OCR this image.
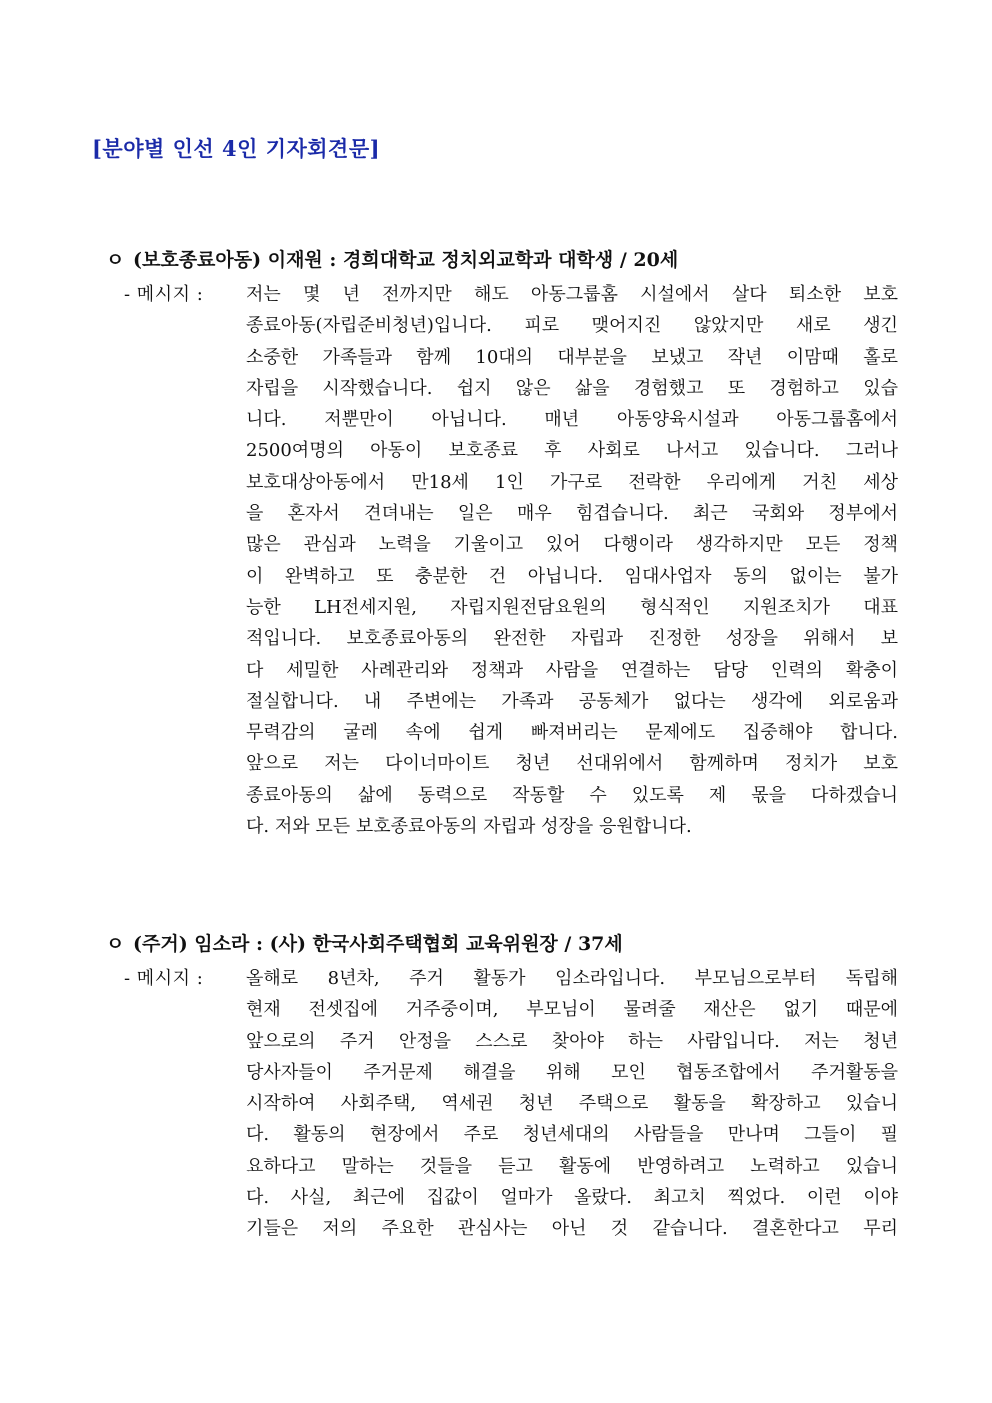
[분야별 인선 4인 기자회견문]
ㅇ (보호종료아동) 이재원 : 경희대학교 정치외교학과 대학생 / 20세
- 메시지 :	저는 몇 년 전까지만 해도 아동그룹홈 시설에서 살다 퇴소한 보호
종료아동(자립준비청년)입니다. 피로 맺어지진 않았지만 새로 생긴
소중한 가족들과 함께 10대의 대부분을 보냈고 작년 이맘때 홀로
자립을 시작했습니다. 쉽지 않은 삶을 경험했고 또 경험하고 있습
니다. 저뿐만이 아닙니다. 매년 아동양육시설과 아동그룹홈에서
2500여명의 아동이 보호종료 후 사회로 나서고 있습니다. 그러나
보호대상아동에서 만18세 1인 가구로 전락한 우리에게 거친 세상
을 혼자서 견뎌내는 일은 매우 힘겹습니다. 최근 국회와 정부에서
많은 관심과 노력을 기울이고 있어 다행이라 생각하지만 모든 정책
이 완벽하고 또 충분한 건 아닙니다. 임대사업자 동의 없이는 불가
능한 LH전세지원, 자립지원전담요원의 형식적인 지원조치가 대표
적입니다. 보호종료아동의 완전한 자립과 진정한 성장을 위해서 보
다 세밀한 사례관리와 정책과 사람을 연결하는 담당 인력의 확충이
절실합니다. 내 주변에는 가족과 공동체가 없다는 생각에 외로움과
무력감의 굴레 속에 쉽게 빠져버리는 문제에도 집중해야 합니다.
앞으로 저는 다이너마이트 청년 선대위에서 함께하며 정치가 보호
종료아동의 삶에 동력으로 작동할 수 있도록 제 몫을 다하겠습니
다. 저와 모든 보호종료아동의 자립과 성장을 응원합니다.
ㅇ (주거) 임소라 : (사) 한국사회주택협회 교육위원장 / 37세
- 메시지 :	올해로 8년차, 주거 활동가 임소라입니다. 부모님으로부터 독립해
현재 전셋집에 거주중이며, 부모님이 물려줄 재산은 없기 때문에
앞으로의 주거 안정을 스스로 찾아야 하는 사람입니다. 저는 청년
당사자들이 주거문제 해결을 위해 모인 협동조합에서 주거활동을
시작하여 사회주택, 역세권 청년 주택으로 활동을 확장하고 있습니
다. 활동의 현장에서 주로 청년세대의 사람들을 만나며 그들이 필
요하다고 말하는 것들을 듣고 활동에 반영하려고 노력하고 있습니
다. 사실, 최근에 집값이 얼마가 올랐다. 최고치 찍었다. 이런 이야
기들은 저의 주요한 관심사는 아닌 것 같습니다. 결혼한다고 무리
